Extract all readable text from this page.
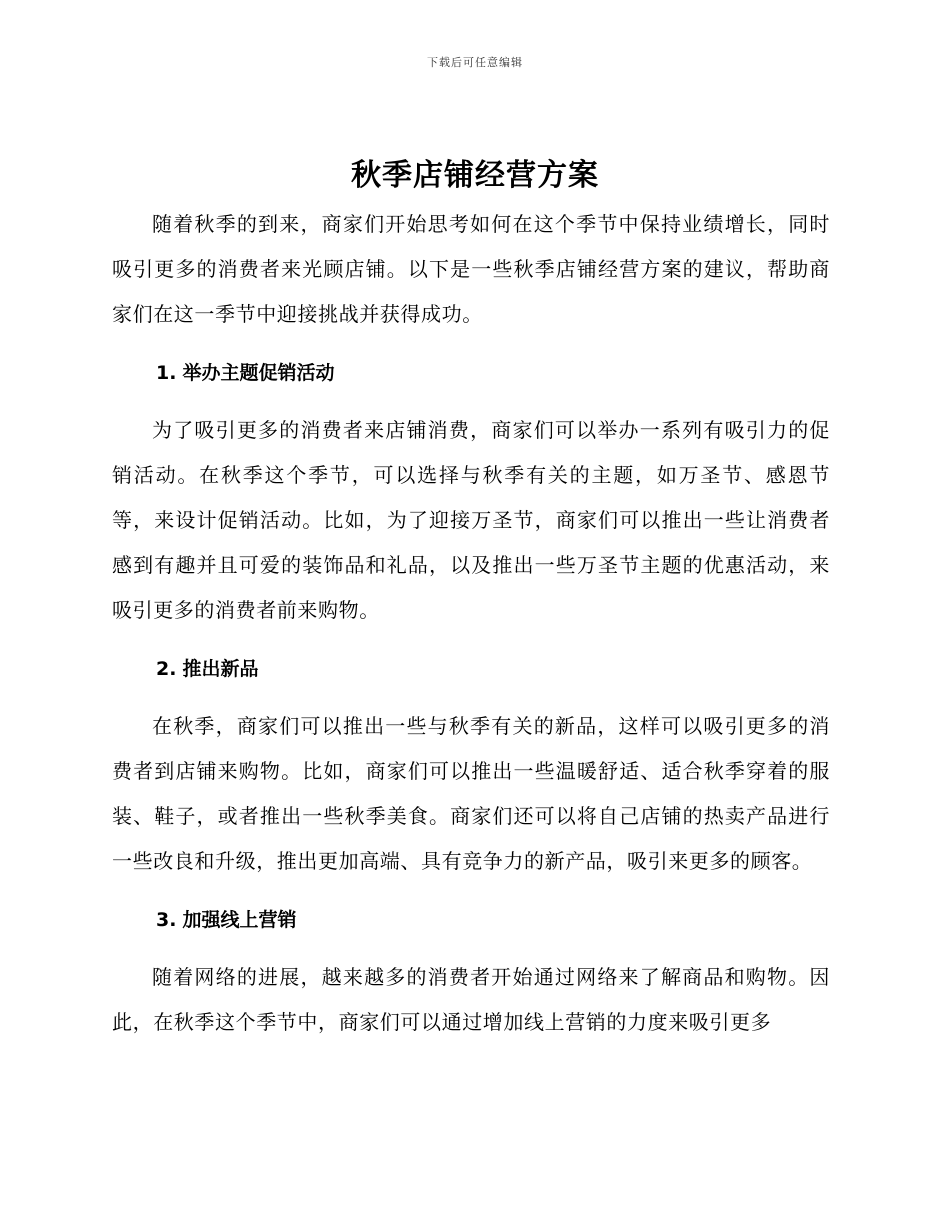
下载后可任意编辑
秋季店铺经营方案

随着秋季的到来，商家们开始思考如何在这个季节中保持业绩增长，同时吸引更多的消费者来光顾店铺。以下是一些秋季店铺经营方案的建议，帮助商家们在这一季节中迎接挑战并获得成功。

1. 举办主题促销活动

为了吸引更多的消费者来店铺消费，商家们可以举办一系列有吸引力的促销活动。在秋季这个季节，可以选择与秋季有关的主题，如万圣节、感恩节等，来设计促销活动。比如，为了迎接万圣节，商家们可以推出一些让消费者感到有趣并且可爱的装饰品和礼品，以及推出一些万圣节主题的优惠活动，来吸引更多的消费者前来购物。

2. 推出新品

在秋季，商家们可以推出一些与秋季有关的新品，这样可以吸引更多的消费者到店铺来购物。比如，商家们可以推出一些温暖舒适、适合秋季穿着的服装、鞋子，或者推出一些秋季美食。商家们还可以将自己店铺的热卖产品进行一些改良和升级，推出更加高端、具有竞争力的新产品，吸引来更多的顾客。

3. 加强线上营销

随着网络的进展，越来越多的消费者开始通过网络来了解商品和购物。因此，在秋季这个季节中，商家们可以通过增加线上营销的力度来吸引更多
